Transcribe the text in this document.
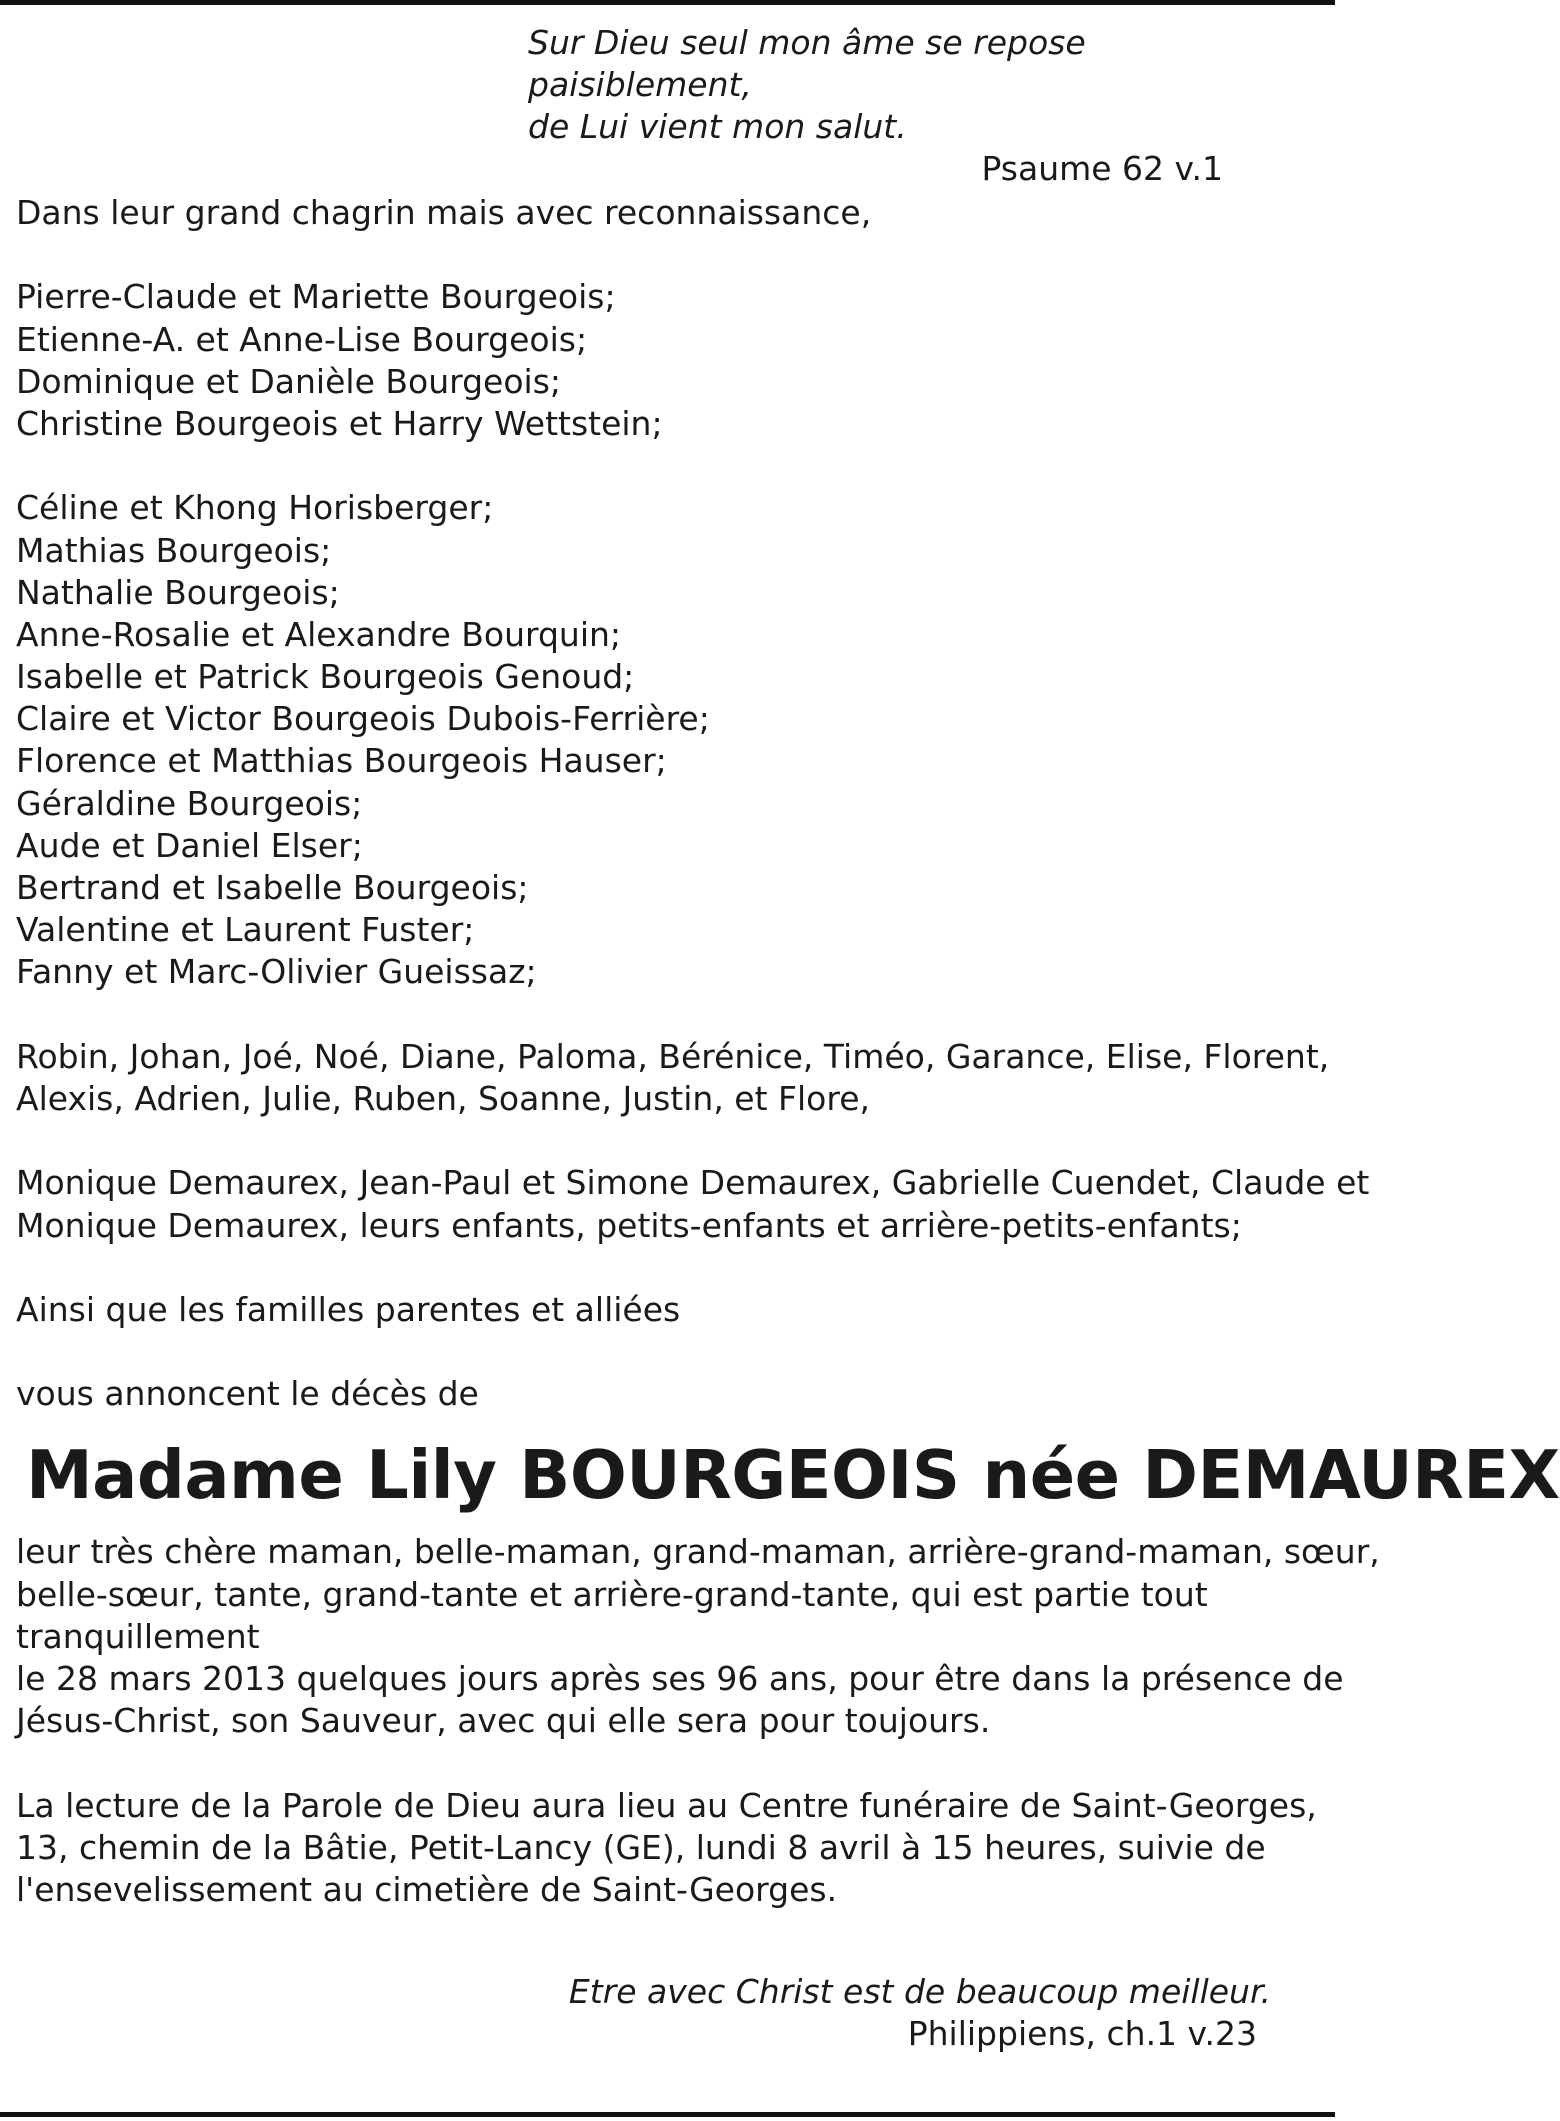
Sur Dieu seul mon âme se repose paisiblement,
de Lui vient mon salut.
Psaume 62 v.1
Dans leur grand chagrin mais avec reconnaissance,
Pierre-Claude et Mariette Bourgeois;
Etienne-A. et Anne-Lise Bourgeois;
Dominique et Danièle Bourgeois;
Christine Bourgeois et Harry Wettstein;
Céline et Khong Horisberger;
Mathias Bourgeois;
Nathalie Bourgeois;
Anne-Rosalie et Alexandre Bourquin;
Isabelle et Patrick Bourgeois Genoud;
Claire et Victor Bourgeois Dubois-Ferrière;
Florence et Matthias Bourgeois Hauser;
Géraldine Bourgeois;
Aude et Daniel Elser;
Bertrand et Isabelle Bourgeois;
Valentine et Laurent Fuster;
Fanny et Marc-Olivier Gueissaz;
Robin, Johan, Joé, Noé, Diane, Paloma, Bérénice, Timéo, Garance, Elise, Florent,
Alexis, Adrien, Julie, Ruben, Soanne, Justin, et Flore,
Monique Demaurex, Jean-Paul et Simone Demaurex, Gabrielle Cuendet, Claude et
Monique Demaurex, leurs enfants, petits-enfants et arrière-petits-enfants;
Ainsi que les familles parentes et alliées
vous annoncent le décès de
Madame Lily BOURGEOIS née DEMAUREX
leur très chère maman, belle-maman, grand-maman, arrière-grand-maman, sœur,
belle-sœur, tante, grand-tante et arrière-grand-tante, qui est partie tout
tranquillement
le 28 mars 2013 quelques jours après ses 96 ans, pour être dans la présence de
Jésus-Christ, son Sauveur, avec qui elle sera pour toujours.
La lecture de la Parole de Dieu aura lieu au Centre funéraire de Saint-Georges,
13, chemin de la Bâtie, Petit-Lancy (GE), lundi 8 avril à 15 heures, suivie de
l'ensevelissement au cimetière de Saint-Georges.
Etre avec Christ est de beaucoup meilleur.
Philippiens, ch.1 v.23
